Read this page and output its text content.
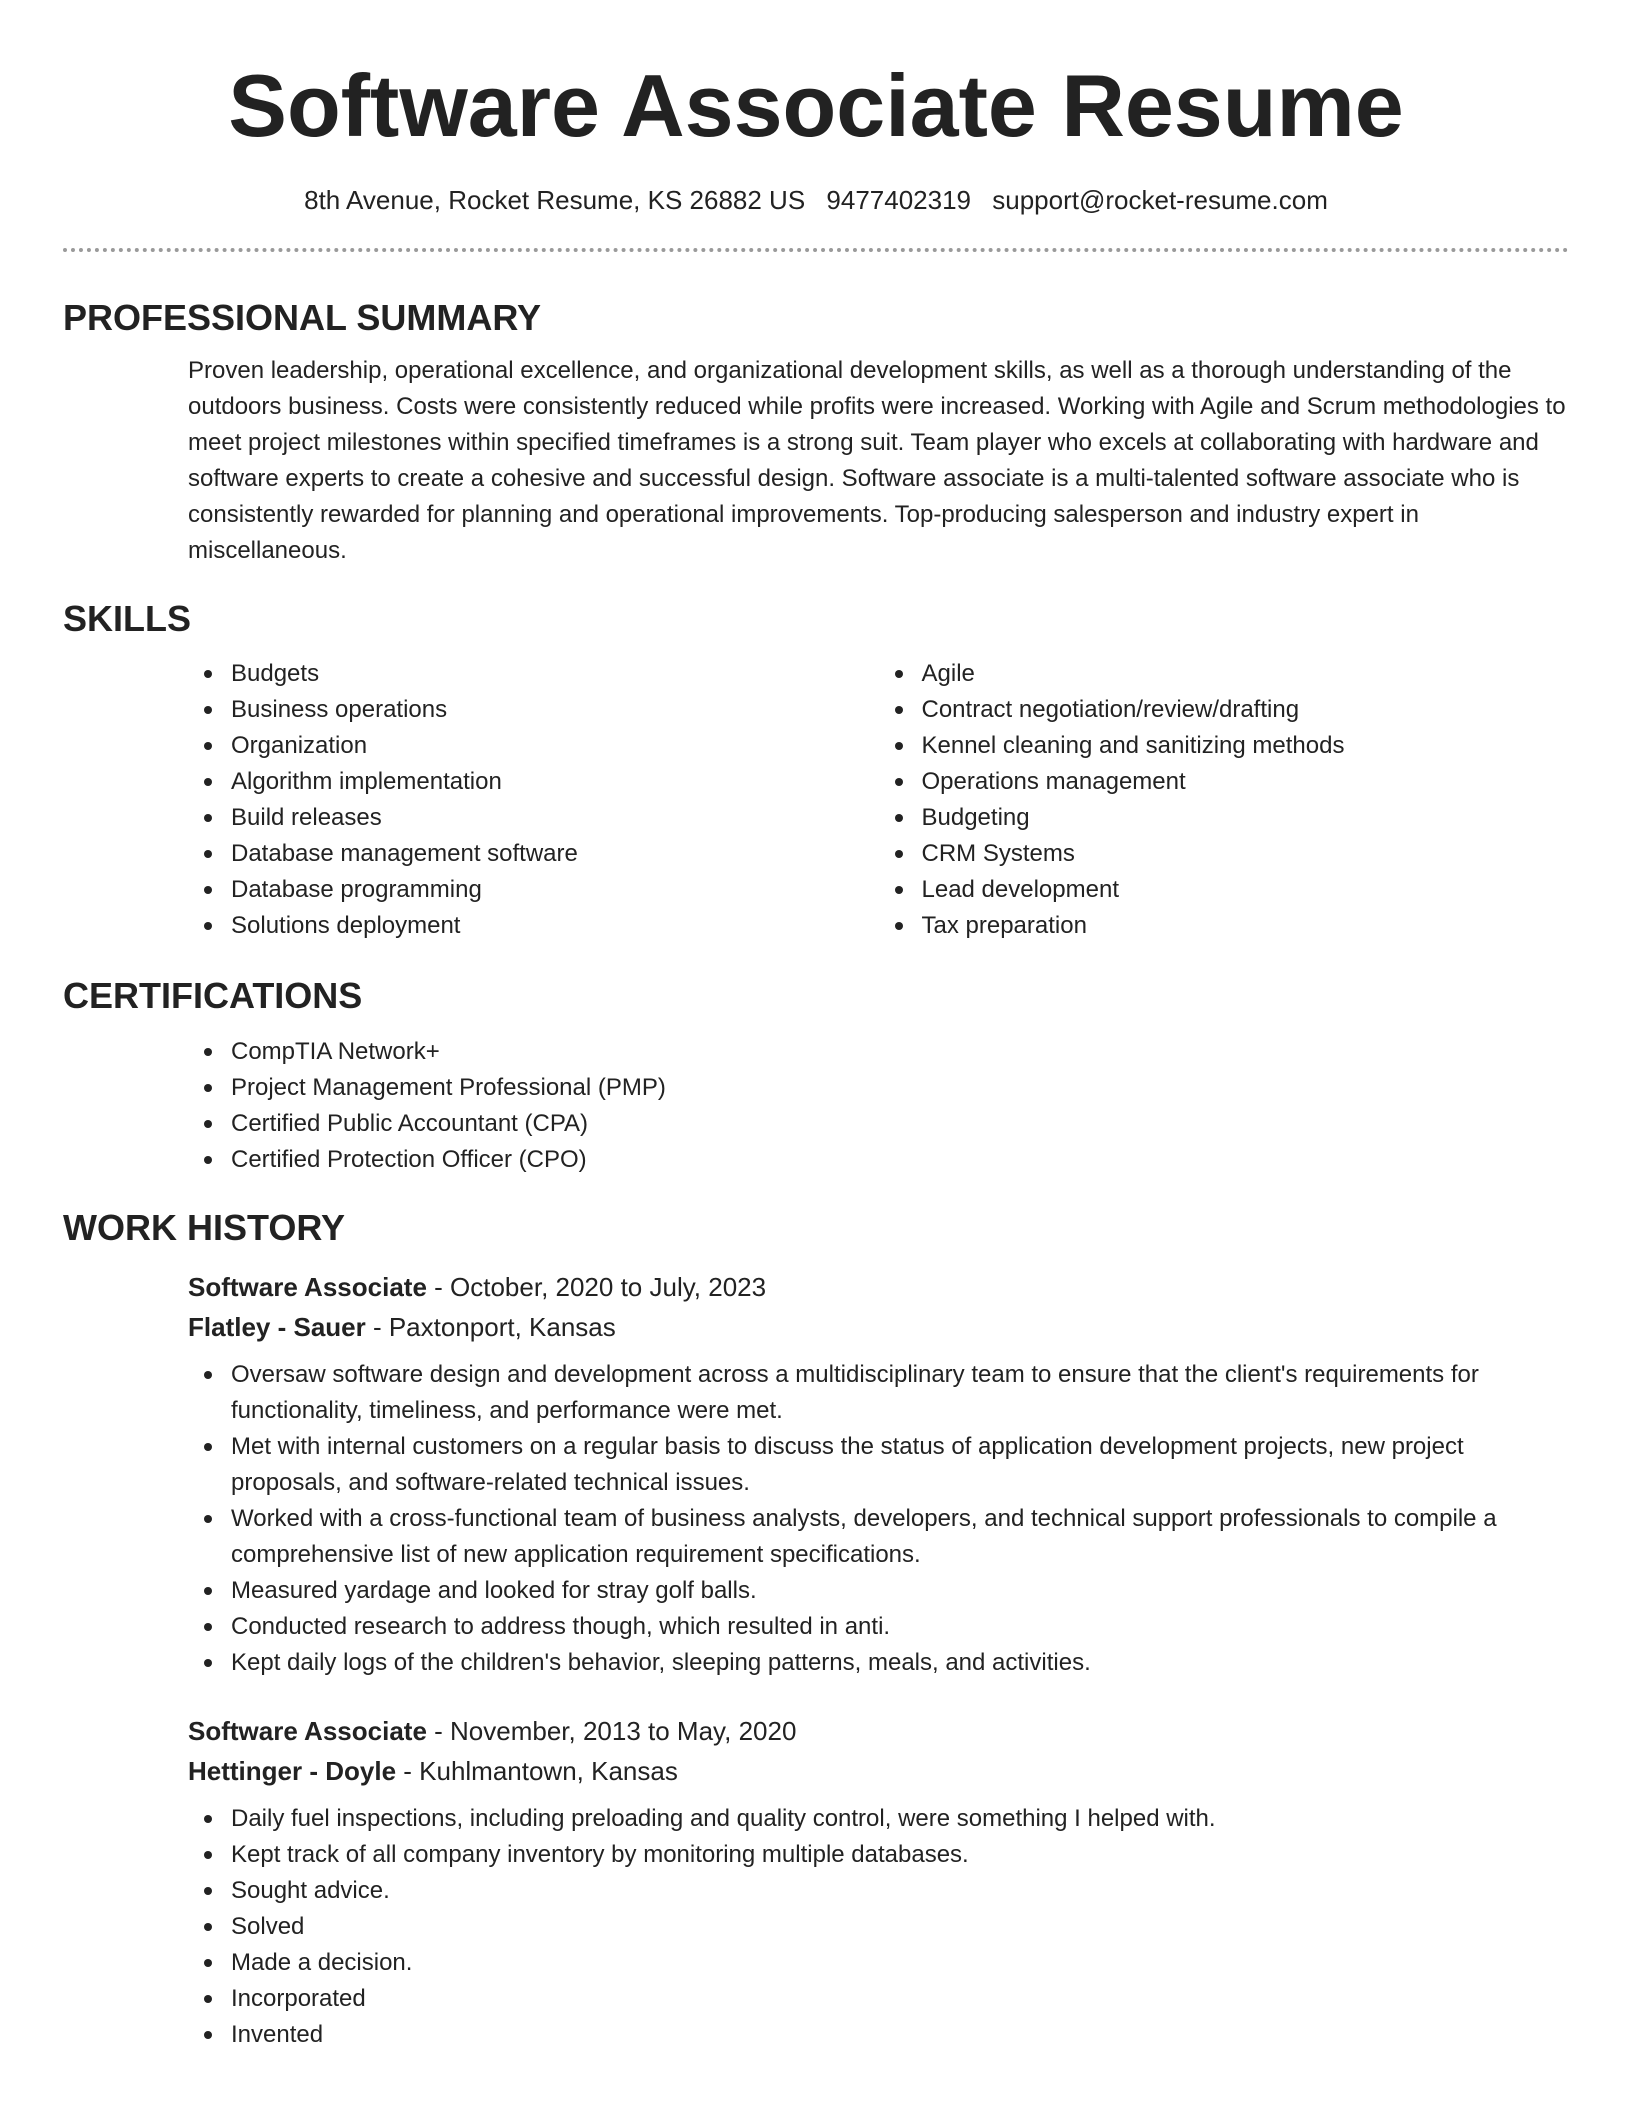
Software Associate Resume
8th Avenue, Rocket Resume, KS 26882 US 9477402319 support@rocket-resume.com
PROFESSIONAL SUMMARY
Proven leadership, operational excellence, and organizational development skills, as well as a thorough understanding of the outdoors business. Costs were consistently reduced while profits were increased. Working with Agile and Scrum methodologies to meet project milestones within specified timeframes is a strong suit. Team player who excels at collaborating with hardware and software experts to create a cohesive and successful design. Software associate is a multi-talented software associate who is consistently rewarded for planning and operational improvements. Top-producing salesperson and industry expert in miscellaneous.
SKILLS
Budgets
Business operations
Organization
Algorithm implementation
Build releases
Database management software
Database programming
Solutions deployment
Agile
Contract negotiation/review/drafting
Kennel cleaning and sanitizing methods
Operations management
Budgeting
CRM Systems
Lead development
Tax preparation
CERTIFICATIONS
CompTIA Network+
Project Management Professional (PMP)
Certified Public Accountant (CPA)
Certified Protection Officer (CPO)
WORK HISTORY
Software Associate - October, 2020 to July, 2023
Flatley - Sauer - Paxtonport, Kansas
Oversaw software design and development across a multidisciplinary team to ensure that the client's requirements for functionality, timeliness, and performance were met.
Met with internal customers on a regular basis to discuss the status of application development projects, new project proposals, and software-related technical issues.
Worked with a cross-functional team of business analysts, developers, and technical support professionals to compile a comprehensive list of new application requirement specifications.
Measured yardage and looked for stray golf balls.
Conducted research to address though, which resulted in anti.
Kept daily logs of the children's behavior, sleeping patterns, meals, and activities.
Software Associate - November, 2013 to May, 2020
Hettinger - Doyle - Kuhlmantown, Kansas
Daily fuel inspections, including preloading and quality control, were something I helped with.
Kept track of all company inventory by monitoring multiple databases.
Sought advice.
Solved
Made a decision.
Incorporated
Invented
